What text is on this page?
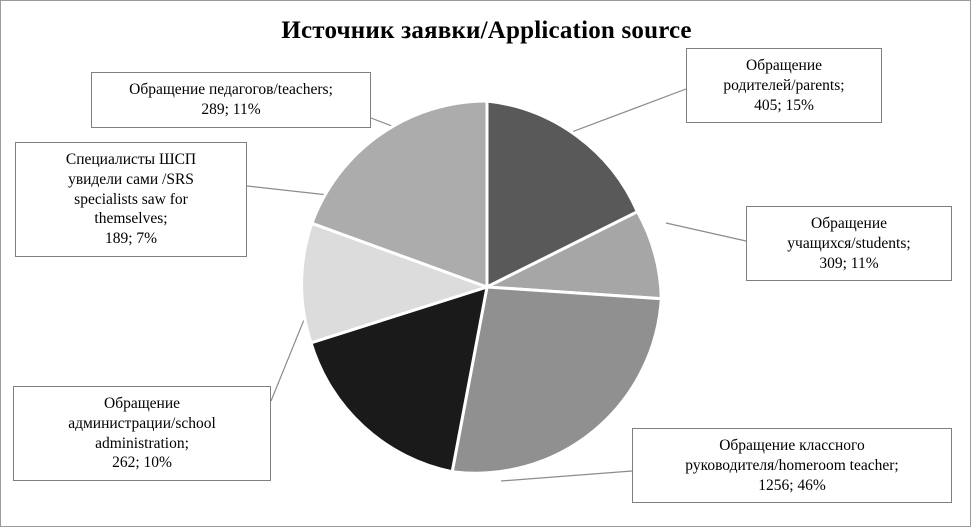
Источник заявки/Application source
Обращение
родителей/parents;
405; 15%
Обращение
учащихся/students;
309; 11%
Обращение классного
руководителя/homeroom teacher;
1256; 46%
Обращение
администрации/school
administration;
262; 10%
Специалисты ШСП
увидели сами /SRS
specialists saw for
themselves;
189; 7%
Обращение педагогов/teachers;
289; 11%
